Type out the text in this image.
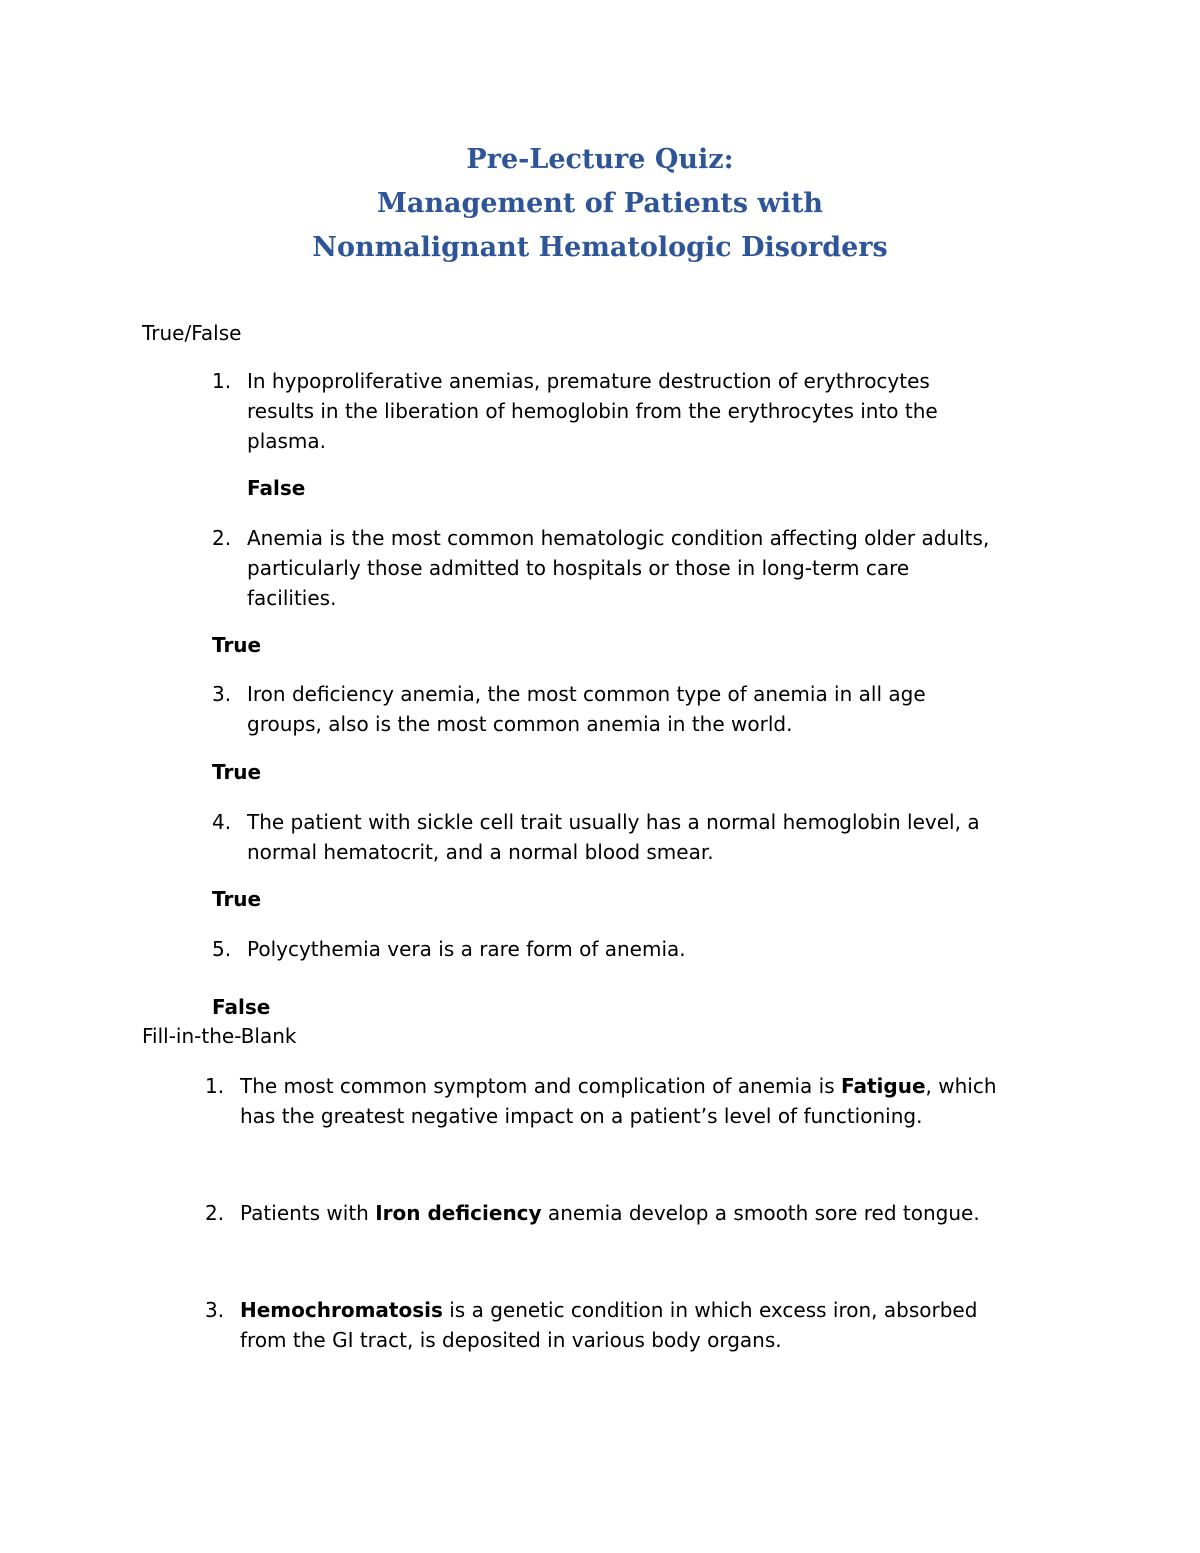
Pre-Lecture Quiz:
Management of Patients with
Nonmalignant Hematologic Disorders
True/False
1. In hypoproliferative anemias, premature destruction of erythrocytes
results in the liberation of hemoglobin from the erythrocytes into the
plasma.
False
2. Anemia is the most common hematologic condition affecting older adults,
particularly those admitted to hospitals or those in long-term care
facilities.
True
3. Iron deficiency anemia, the most common type of anemia in all age
groups, also is the most common anemia in the world.
True
4. The patient with sickle cell trait usually has a normal hemoglobin level, a
normal hematocrit, and a normal blood smear.
True
5. Polycythemia vera is a rare form of anemia.
False
Fill-in-the-Blank
1. The most common symptom and complication of anemia is Fatigue, which
has the greatest negative impact on a patient’s level of functioning.
2. Patients with Iron deficiency anemia develop a smooth sore red tongue.
3. Hemochromatosis is a genetic condition in which excess iron, absorbed
from the GI tract, is deposited in various body organs.
